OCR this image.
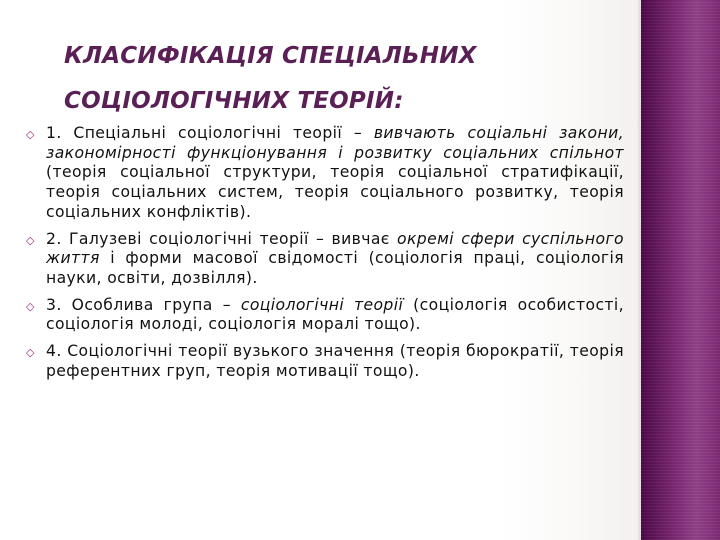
КЛАСИФІКАЦІЯ СПЕЦІАЛЬНИХ
СОЦІОЛОГІЧНИХ ТЕОРІЙ:
◇ 1. Спеціальні соціологічні теорії – вивчають соціальні закони, закономірності функціонування і розвитку соціальних спільнот (теорія соціальної структури, теорія соціальної стратифікації, теорія соціальних систем, теорія соціального розвитку, теорія соціальних конфліктів).
◇ 2. Галузеві соціологічні теорії – вивчає окремі сфери суспільного життя і форми масової свідомості (соціологія праці, соціологія науки, освіти, дозвілля).
◇ 3. Особлива група – соціологічні теорії (соціологія особистості, соціологія молоді, соціологія моралі тощо).
◇ 4. Соціологічні теорії вузького значення (теорія бюрократії, теорія референтних груп, теорія мотивації тощо).
